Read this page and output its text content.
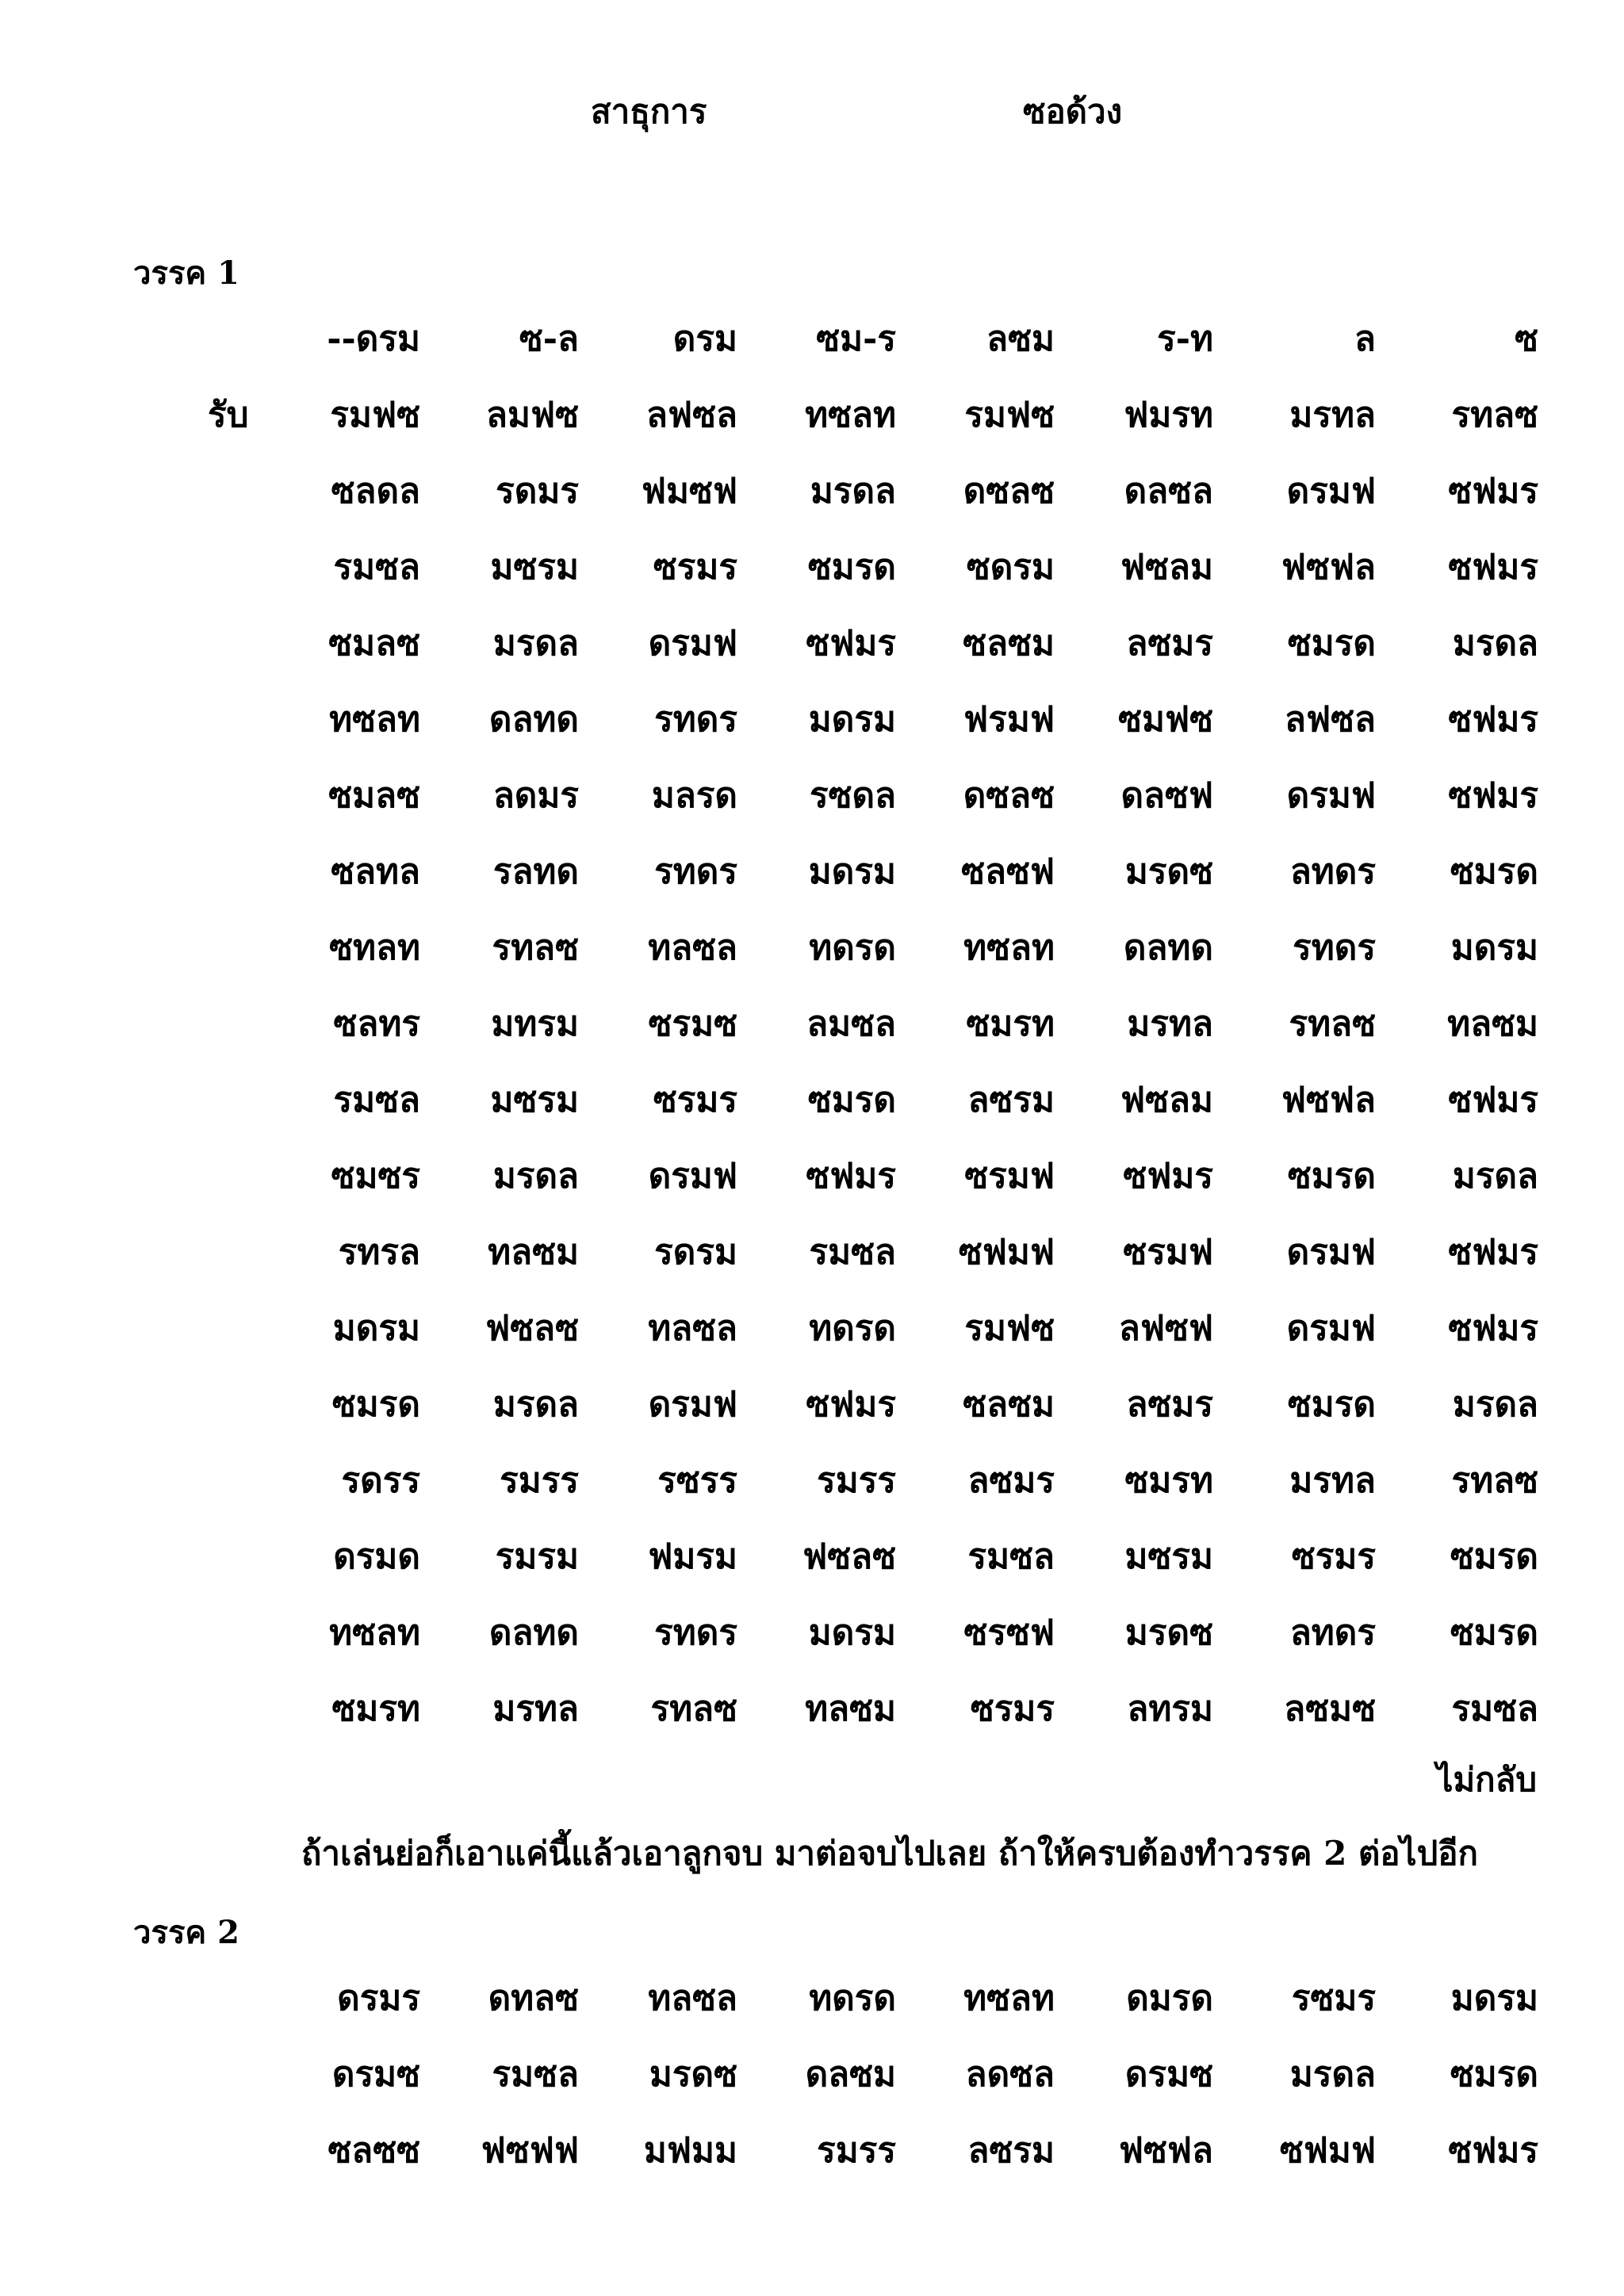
สาธุการ	ซอด้วง
วรรค 1
--ดรม	ซ-ล	ดรม	ซม-ร	ลซม	ร-ท	ล	ซ
รับ	รมฟซ	ลมฟซ	ลฟซล	ทซลท	รมฟซ	ฟมรท	มรทล	รทลซ
ซลดล	รดมร	ฟมซฟ	มรดล	ดซลซ	ดลซล	ดรมฟ	ซฟมร
รมซล	มซรม	ซรมร	ซมรด	ซดรม	ฟซลม	ฟซฟล	ซฟมร
ซมลซ	มรดล	ดรมฟ	ซฟมร	ซลซม	ลซมร	ซมรด	มรดล
ทซลท	ดลทด	รทดร	มดรม	ฟรมฟ	ซมฟซ	ลฟซล	ซฟมร
ซมลซ	ลดมร	มลรด	รซดล	ดซลซ	ดลซฟ	ดรมฟ	ซฟมร
ซลทล	รลทด	รทดร	มดรม	ซลซฟ	มรดซ	ลทดร	ซมรด
ซทลท	รทลซ	ทลซล	ทดรด	ทซลท	ดลทด	รทดร	มดรม
ซลทร	มทรม	ซรมซ	ลมซล	ซมรท	มรทล	รทลซ	ทลซม
รมซล	มซรม	ซรมร	ซมรด	ลซรม	ฟซลม	ฟซฟล	ซฟมร
ซมซร	มรดล	ดรมฟ	ซฟมร	ซรมฟ	ซฟมร	ซมรด	มรดล
รทรล	ทลซม	รดรม	รมซล	ซฟมฟ	ซรมฟ	ดรมฟ	ซฟมร
มดรม	ฟซลซ	ทลซล	ทดรด	รมฟซ	ลฟซฟ	ดรมฟ	ซฟมร
ซมรด	มรดล	ดรมฟ	ซฟมร	ซลซม	ลซมร	ซมรด	มรดล
รดรร	รมรร	รซรร	รมรร	ลซมร	ซมรท	มรทล	รทลซ
ดรมด	รมรม	ฟมรม	ฟซลซ	รมซล	มซรม	ซรมร	ซมรด
ทซลท	ดลทด	รทดร	มดรม	ซรซฟ	มรดซ	ลทดร	ซมรด
ซมรท	มรทล	รทลซ	ทลซม	ซรมร	ลทรม	ลซมซ	รมซล
ไม่กลับ
ถ้าเล่นย่อก็เอาแค่นี้แล้วเอาลูกจบ มาต่อจบไปเลย ถ้าให้ครบต้องทำวรรค 2 ต่อไปอีก
วรรค 2
ดรมร	ดทลซ	ทลซล	ทดรด	ทซลท	ดมรด	รซมร	มดรม
ดรมซ	รมซล	มรดซ	ดลซม	ลดซล	ดรมซ	มรดล	ซมรด
ซลซซ	ฟซฟฟ	มฟมม	รมรร	ลซรม	ฟซฟล	ซฟมฟ	ซฟมร
